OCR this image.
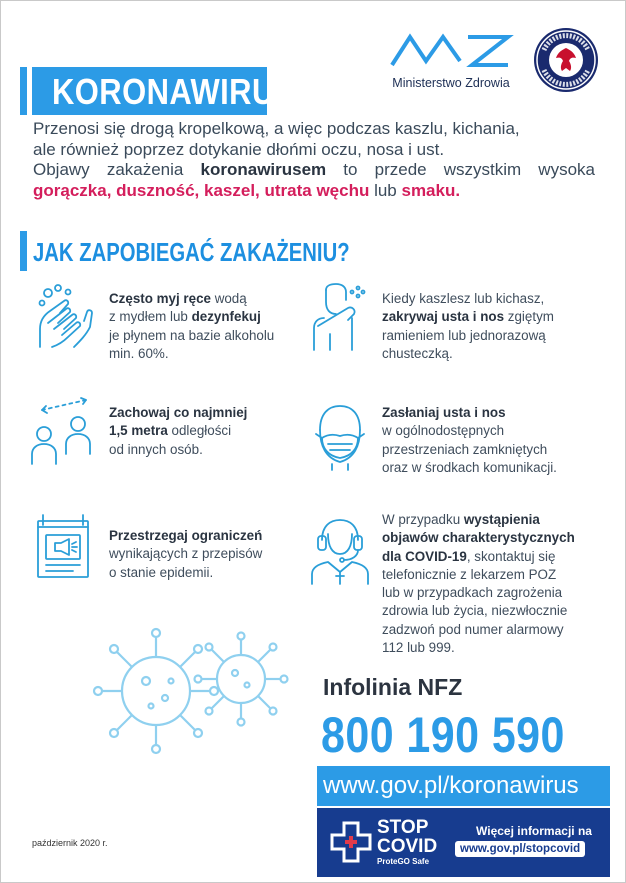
Ministerstwo Zdrowia
KORONAWIRUS

Przenosi się drogą kropelkową, a więc podczas kaszlu, kichania,

ale również poprzez dotykanie dłońmi oczu, nosa i ust.

Objawy zakażenia koronawirusem to przede wszystkim wysoka

gorączka, duszność, kaszel, utrata węchu lub smaku.

JAK ZAPOBIEGAĆ ZAKAŻENIU?
Często myj ręce wodą
z mydłem lub dezynfekuj
je płynem na bazie alkoholu
min. 60%.
Zachowaj co najmniej
1,5 metra odległości
od innych osób.
Przestrzegaj ograniczeń
wynikających z przepisów
o stanie epidemii.
Kiedy kaszlesz lub kichasz,
zakrywaj usta i nos zgiętym
ramieniem lub jednorazową
chusteczką.
Zasłaniaj usta i nos
w ogólnodostępnych
przestrzeniach zamkniętych
oraz w środkach komunikacji.
W przypadku wystąpienia
objawów charakterystycznych
dla COVID-19, skontaktuj się
telefonicznie z lekarzem POZ
lub w przypadkach zagrożenia
zdrowia lub życia, niezwłocznie
zadzwoń pod numer alarmowy
112 lub 999.
Infolinia NFZ
800 190 590
www.gov.pl/koronawirus
STOP
COVID
ProteGO Safe
Więcej informacji na
www.gov.pl/stopcovid
październik 2020 r.
